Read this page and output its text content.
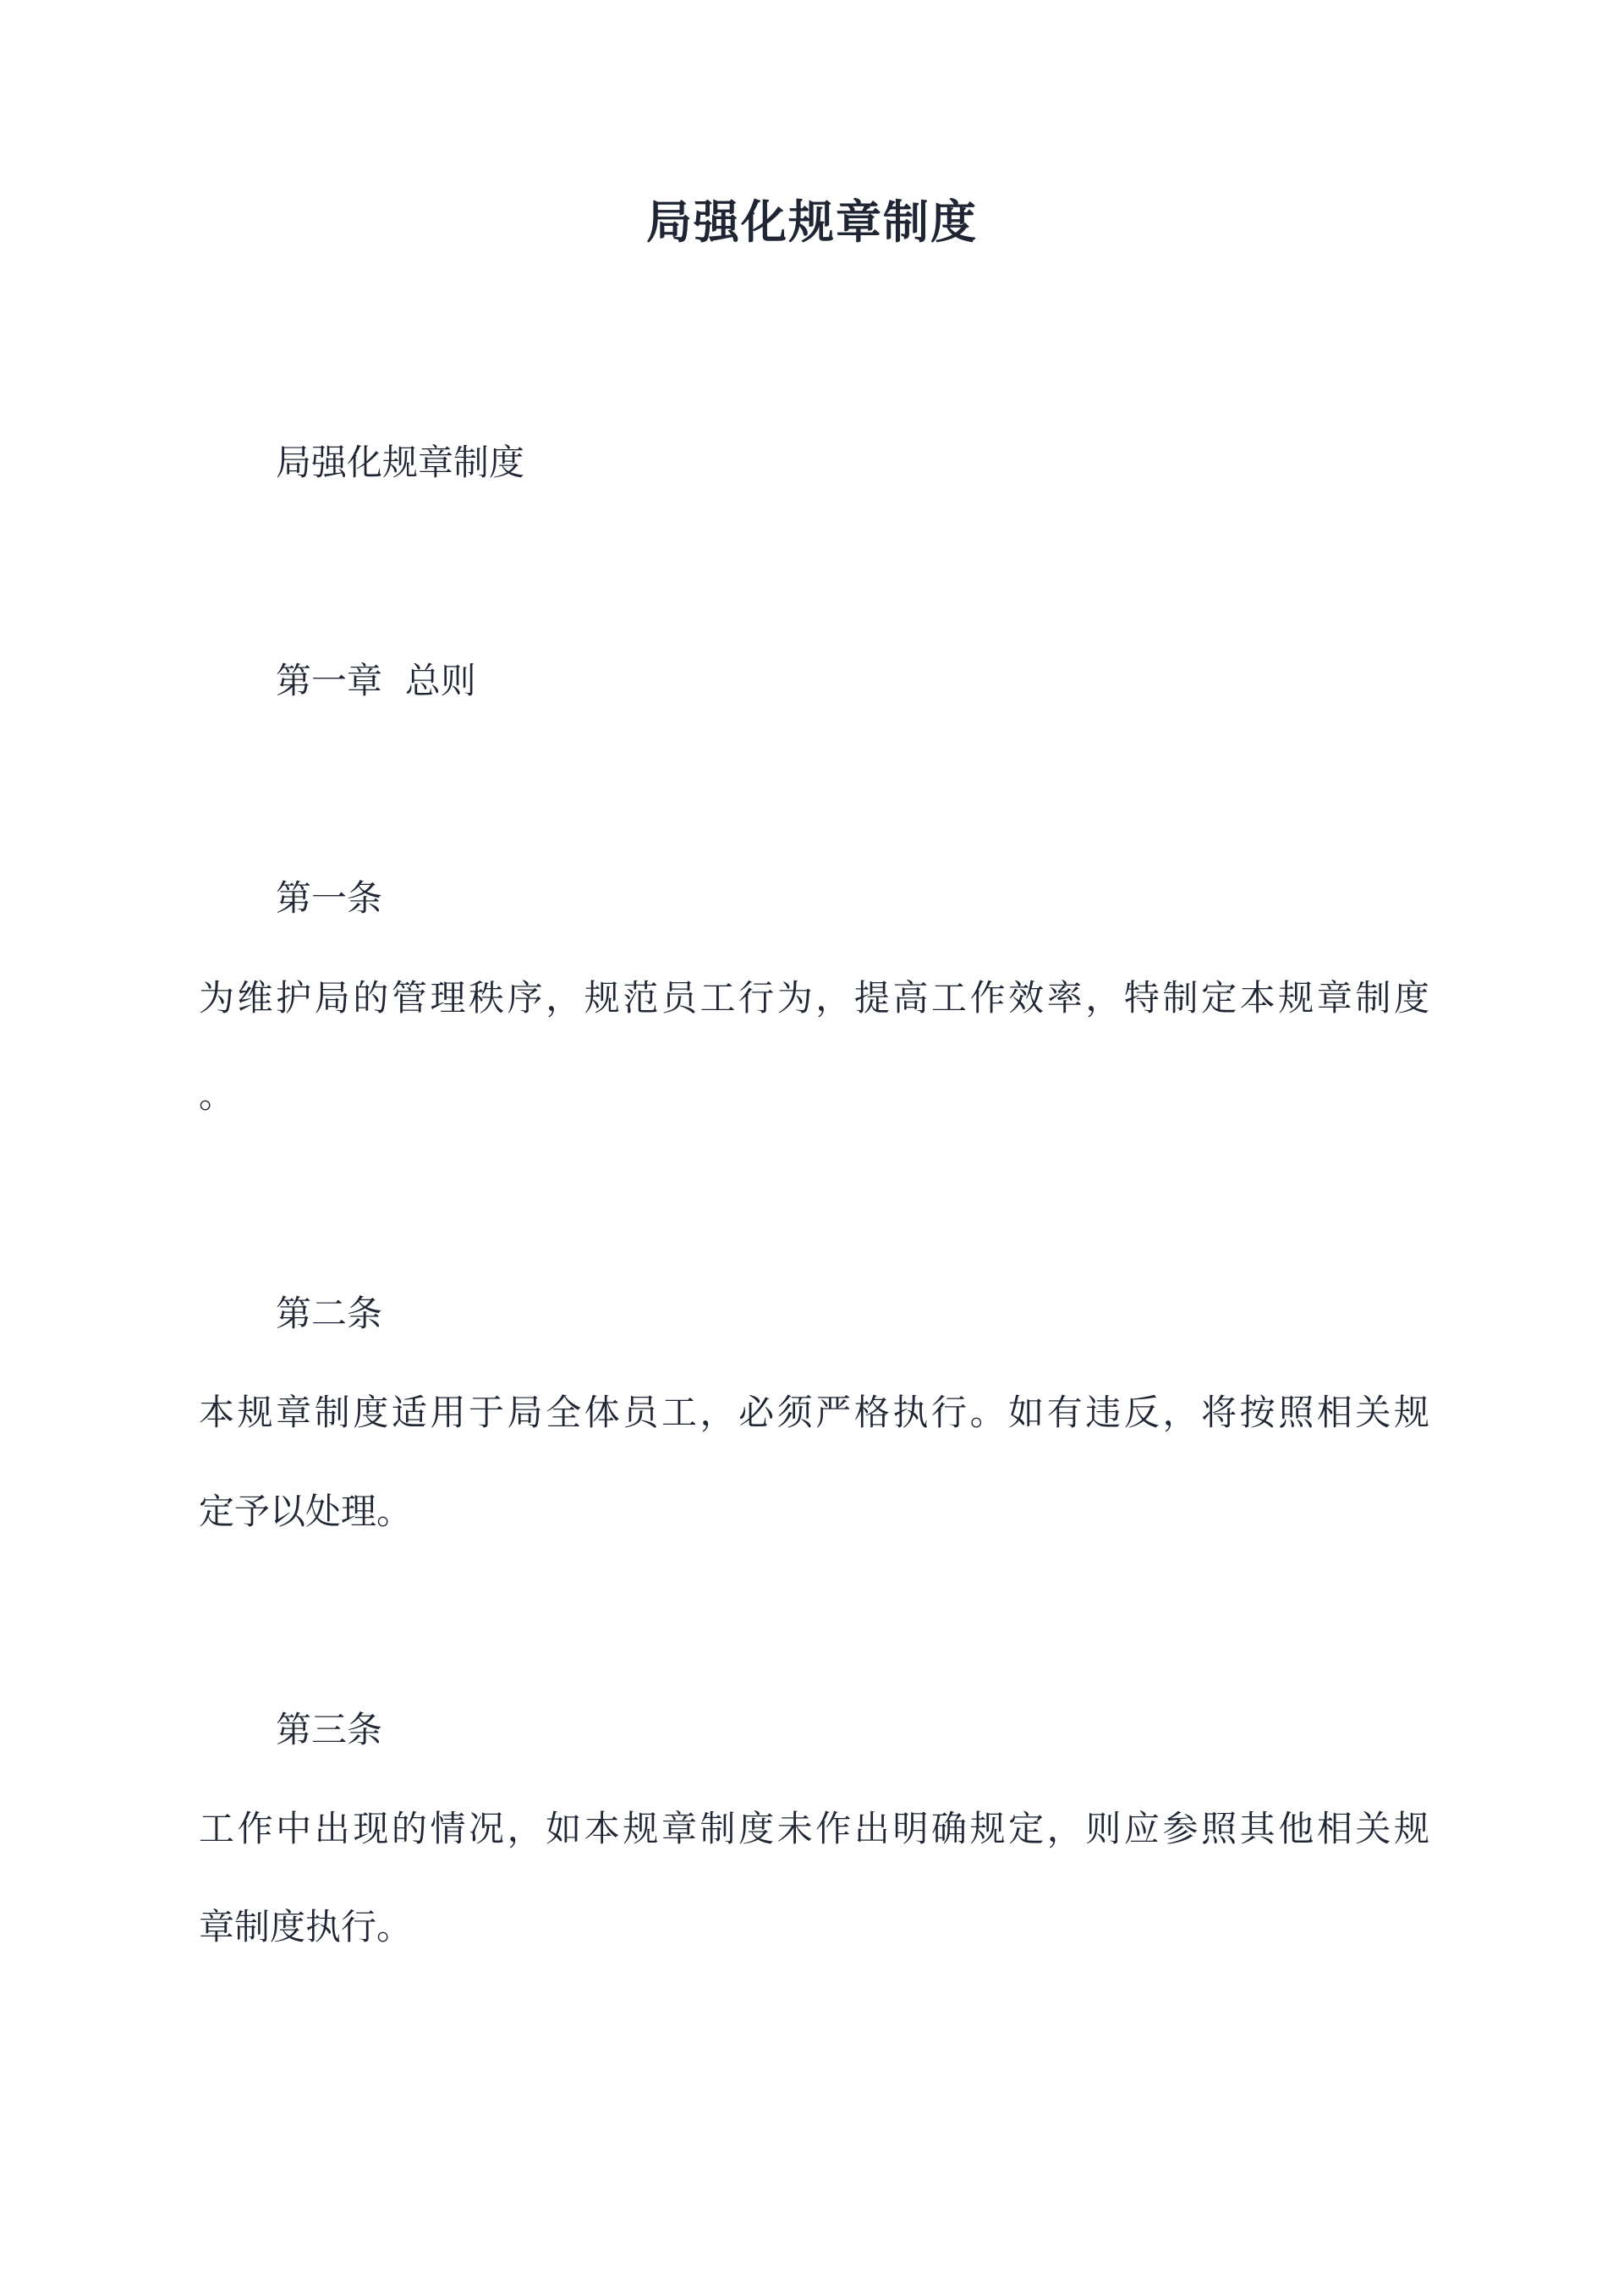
局强化规章制度
局强化规章制度
第一章  总则
第一条
为维护局的管理秩序，规范员工行为，提高工作效率，特制定本规章制度
。
第二条
本规章制度适用于局全体员工，必须严格执行。如有违反，将按照相关规
定予以处理。
第三条
工作中出现的情况，如本规章制度未作出明确规定，则应参照其他相关规
章制度执行。
